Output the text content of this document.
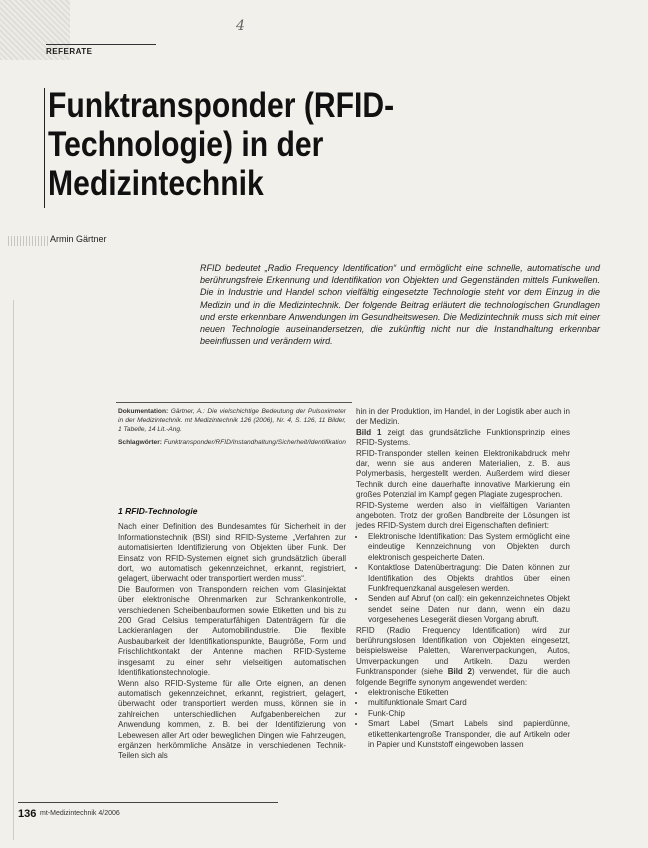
REFERATE
4
Funktransponder (RFID-Technologie) in der Medizintechnik
Armin Gärtner

RFID bedeutet „Radio Frequency Identification“ und ermöglicht eine schnelle, automatische und berührungsfreie Erkennung und Identifikation von Objekten und Gegenständen mittels Funkwellen. Die in Industrie und Handel schon vielfältig eingesetzte Technologie steht vor dem Einzug in die Medizin und in die Medizintechnik. Der folgende Beitrag erläutert die technologischen Grundlagen und erste erkennbare Anwendungen im Gesundheitswesen. Die Medizintechnik muss sich mit einer neuen Technologie auseinandersetzen, die zukünftig nicht nur die Instandhaltung erkennbar beeinflussen und verändern wird.

Dokumentation: Gärtner, A.: Die vielschichtige Bedeutung der Pulsoximeter in der Medizintechnik. mt Medizintechnik 126 (2006), Nr. 4, S. 126, 11 Bilder, 1 Tabelle, 14 Lit.-Ang.

Schlagwörter: Funktransponder/RFID/Instandhaltung/Sicherheit/Identifikation

1 RFID-Technologie

Nach einer Definition des Bundesamtes für Sicherheit in der Informationstechnik (BSI) sind RFID-Systeme „Verfahren zur automatisierten Identifizierung von Objekten über Funk. Der Einsatz von RFID-Systemen eignet sich grundsätzlich überall dort, wo automatisch gekennzeichnet, erkannt, registriert, gelagert, überwacht oder transportiert werden muss“.

Die Bauformen von Transpondern reichen vom Glasinjektat über elektronische Ohrenmarken zur Schrankenkontrolle, verschiedenen Scheibenbauformen sowie Etiketten und bis zu 200 Grad Celsius temperaturfähigen Datenträgern für die Lackieranlagen der Automobilindustrie. Die flexible Ausbaubarkeit der Identifikationspunkte, Baugröße, Form und Frischlichtkontakt der Antenne machen RFID-Systeme insgesamt zu einer sehr vielseitigen automatischen Identifikationstechnologie.

Wenn also RFID-Systeme für alle Orte eignen, an denen automatisch gekennzeichnet, erkannt, registriert, gelagert, überwacht oder transportiert werden muss, können sie in zahlreichen unterschiedlichen Aufgabenbereichen zur Anwendung kommen, z. B. bei der Identifizierung von Lebewesen aller Art oder beweglichen Dingen wie Fahrzeugen, ergänzen herkömmliche Ansätze in verschiedenen Technik-Teilen sich als

hin in der Produktion, im Handel, in der Logistik aber auch in der Medizin.

Bild 1 zeigt das grundsätzliche Funktionsprinzip eines RFID-Systems.

RFID-Transponder stellen keinen Elektronikabdruck mehr dar, wenn sie aus anderen Materialien, z. B. aus Polymerbasis, hergestellt werden. Außerdem wird dieser Technik durch eine dauerhafte innovative Markierung ein großes Potenzial im Kampf gegen Plagiate zugesprochen.

RFID-Systeme werden also in vielfältigen Varianten angeboten. Trotz der großen Bandbreite der Lösungen ist jedes RFID-System durch drei Eigenschaften definiert:

• Elektronische Identifikation: Das System ermöglicht eine eindeutige Kennzeichnung von Objekten durch elektronisch gespeicherte Daten.
• Kontaktlose Datenübertragung: Die Daten können zur Identifikation des Objekts drahtlos über einen Funkfrequenzkanal ausgelesen werden.
• Senden auf Abruf (on call): ein gekennzeichnetes Objekt sendet seine Daten nur dann, wenn ein dazu vorgesehenes Lesegerät diesen Vorgang abruft.

RFID (Radio Frequency Identification) wird zur berührungslosen Identifikation von Objekten eingesetzt, beispielsweise Paletten, Warenverpackungen, Autos, Umverpackungen und Artikeln. Dazu werden Funktransponder (siehe Bild 2) verwendet, für die auch folgende Begriffe synonym angewendet werden:

• elektronische Etiketten
• multifunktionale Smart Card
• Funk-Chip
• Smart Label (Smart Labels sind papierdünne, etikettenkartengroße Transponder, die auf Artikeln oder in Papier und Kunststoff eingewoben lassen
136 mt-Medizintechnik 4/2006
